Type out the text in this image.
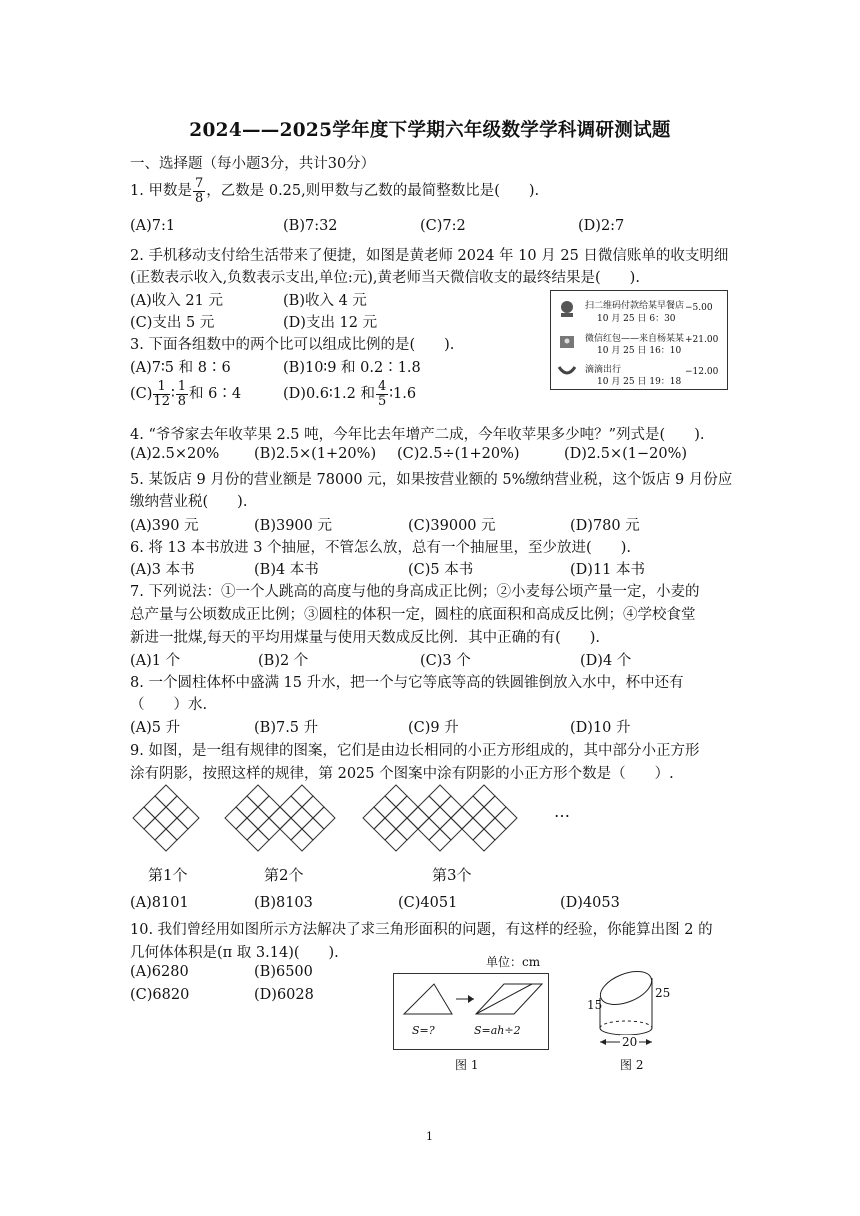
2024——2025学年度下学期六年级数学学科调研测试题
一、选择题（每小题3分，共计30分）
1. 甲数是 $\frac{7}{8}$ ，乙数是 0.25,则甲数与乙数的最简整数比是(　　).
(A)7:1	(B)7:32	(C)7:2	(D)2:7
2. 手机移动支付给生活带来了便捷，如图是黄老师 2024 年 10 月 25 日微信账单的收支明细
(正数表示收入,负数表示支出,单位:元),黄老师当天微信收支的最终结果是(　　).
(A)收入 21 元	(B)收入 4 元
(C)支出 5 元	(D)支出 12 元
扫二维码付款给某早餐店
10 月 25 日 6：30
−5.00
微信红包——来自杨某某
10 月 25 日 16：10
+21.00
滴滴出行
10 月 25 日 19：18
−12.00
3. 下面各组数中的两个比可以组成比例的是(　　).
(A)7∶5 和 8∶6	(B)10∶9 和 0.2∶1.8
$(C) \frac{1}{12}$ ∶ $\frac{1}{8}$ 和 6∶4	(D)0.6∶1.2 和 $\frac{4}{5}$ ∶1.6
4. “爷爷家去年收苹果 2.5 吨，今年比去年增产二成，今年收苹果多少吨？”列式是(　　).
(A)2.5×20% (B)2.5×(1+20%) (C)2.5÷(1+20%)	(D)2.5×(1−20%)
5. 某饭店 9 月份的营业额是 78000 元，如果按营业额的 5%缴纳营业税，这个饭店 9 月份应
缴纳营业税(　　).
(A)390 元	(B)3900 元	(C)39000 元	(D)780 元
6. 将 13 本书放进 3 个抽屉，不管怎么放，总有一个抽屉里，至少放进(　　).
(A)3 本书	(B)4 本书	(C)5 本书	(D)11 本书
7. 下列说法：①一个人跳高的高度与他的身高成正比例；②小麦每公顷产量一定，小麦的
总产量与公顷数成正比例；③圆柱的体积一定，圆柱的底面积和高成反比例；④学校食堂
新进一批煤,每天的平均用煤量与使用天数成反比例．其中正确的有(　　).
(A)1 个	(B)2 个	(C)3 个	(D)4 个
8. 一个圆柱体杯中盛满 15 升水，把一个与它等底等高的铁圆锥倒放入水中，杯中还有
（　　）水.
(A)5 升	(B)7.5 升	(C)9 升	(D)10 升
9. 如图，是一组有规律的图案，它们是由边长相同的小正方形组成的，其中部分小正方形
涂有阴影，按照这样的规律，第 2025 个图案中涂有阴影的小正方形个数是（　　）.
…
第1个	第2个	第3个
(A)8101	(B)8103	(C)4051	(D)4053
10. 我们曾经用如图所示方法解决了求三角形面积的问题，有这样的经验，你能算出图 2 的
几何体体积是(π 取 3.14)(　　).
(A)6280	(B)6500
(C)6820	(D)6028
单位：cm
S=?	S=ah÷2
图 1
15
25
20
图 2
1
